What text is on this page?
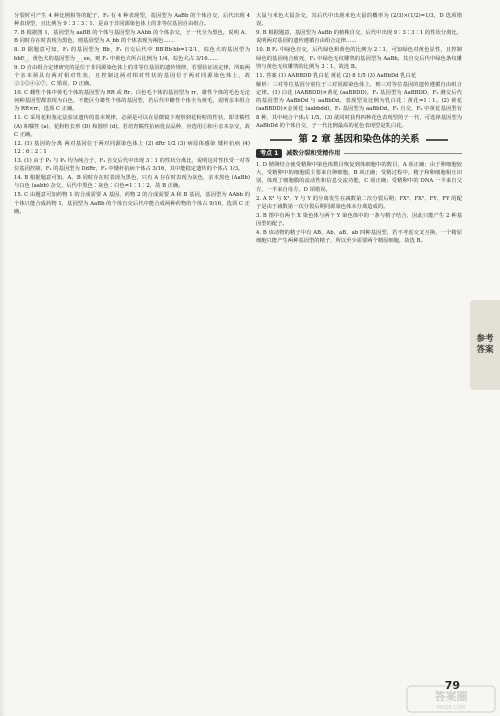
分裂时可产生 4 种比例相等的配子，F₂ 有 4 种表现型，基因型为 AaBb 的个体自交，后代出现 4 种表现型，且比例为 9∶3∶3∶1，是由于非同源染色体上的非等位基因自由组合。

7. B 根据图 1，基因型为 aaBB 的个体与基因型为 AAbb 的个体杂交，子一代全为黑色，说明 A、B 同时存在时表现为黑色，则基因型为 A_bb 的个体表现为褐色……

8. D 据题意可知，F₁ 的基因型为 Bb，F₁ 自交后代中 BB∶Bb∶bb=1∶2∶1，棕色犬的基因型为 bbE_，黄色犬的基因型为 _ _ee，则 F₂ 中黄色犬所占比例为 1/4，棕色犬占 3/16……

9. D 自由组合定律研究的是位于非同源染色体上的非等位基因的遗传规律，若要验证该定律，所取两个亲本须具有两对相对性状，且控制这两对相对性状的基因位于两对同源染色体上，故②③⑤④⑥⑦、C 错误，D 正确。

10. C 雌性个体中黄毛个体的基因型为 RR 或 Rr，白色毛个体的基因型为 rr，雄性个体的毛色无论何种基因型都表现为白色，不能区分雄性个体的基因型，若后代中雌性个体全为黄毛，说明亲本组合为 RR×rr，选项 C 正确。

11. C 采用花粉鉴定法验证遗传的基本规律，必须是可以在显微镜下观察到花粉粒的性状，即非糯性 (A) 和糯性 (a)、花粉粒长形 (D) 和圆形 (d)。若培育糯性抗病优良品种，应选用①和④亲本杂交，故 C 正确。

12. (1) 基因的分离 两对基因位于两对同源染色体上 (2) dRr 1/2 (3) 病原体感染 矮秆抗病 (4) 12∶6∶2∶1

13. (1) 由于 P₁ 与 P₂ 均为纯合子，F₁ 自交后代中出现 3∶1 的性状分离比，说明这对性状受一对等位基因控制，F₁ 的基因型为 DdRr，F₂ 中矮秆抗病个体占 3/16，其中能稳定遗传的个体占 1/3。

14. B 根据题意可知，A、B 同时存在时表现为黑色，只有 A 存在时表现为灰色，亲本黑色 (AaBb) 与白色 (aabb) 杂交，后代中黑色∶灰色∶白色=1∶1∶2，故 B 正确。

15. C 由题意可知药物 1 的合成需要 A 基因，药物 2 的合成需要 A 和 B 基因，基因型为 AAbb 的个体只能合成药物 1，基因型为 AaBb 的个体自交后代中能合成两种药物的个体占 9/16，选项 C 正确。

大鼠与米色大鼠杂交，其后代中出现米色大鼠的概率为 (2/3)×(1/2)=1/3，D 选项错误。

9. B 根据题意，基因型为 AaBb 的植株自交，后代中出现 9∶3∶3∶1 的性状分离比，说明两对基因的遗传遵循自由组合定律……

10. B F₁ 中绿色自交，后代绿色和黄色的比例为 2∶1，可知绿色对黄色显性，且控制绿色的基因纯合致死，F₁ 中绿色无纹雕鸮的基因型为 AaBb，其自交后代中绿色条纹雕鸮与黄色无纹雕鸮的比例为 3∶1，故选 B。

11. 答案 (1) AABBDD 乳白花 黄花 (2) 8 1/5 (3) AaBbDd 乳白花

解析：三对等位基因分别位于三对同源染色体上，则三对等位基因的遗传遵循自由组合定律。(1) 白花 (AABBDD)×黄花 (aaBBDD)，F₁ 基因型为 AaBBDD，F₁ 测交后代的基因型为 AaBbDd 与 aaBbDd，表现型及比例为乳白花∶黄花=1∶1。(2) 黄花 (aaBBDD)×金黄花 (aabbdd)，F₁ 基因型为 aaBbDd，F₁ 自交，F₂ 中黄花基因型有 8 种，其中纯合个体占 1/5。(3) 欲同时获得四种花色表现型的子一代，可选择基因型为 AaBbDd 的个体自交，子一代比例最高的花色表现型是乳白花。

第 2 章 基因和染色体的关系
考点 1	减数分裂和受精作用

1. D 精卵结合使受精卵中染色体数目恢复到体细胞中的数目，A 项正确；由于卵细胞较大，受精卵中的细胞质主要来自卵细胞，B 项正确；受精过程中，精子和卵细胞相互识别，体现了细胞膜的流动性和信息交流功能，C 项正确；受精卵中的 DNA 一半来自父方，一半来自母方，D 项错误。

2. A X³ 与 X³、Y 与 Y 的分离发生在减数第二次分裂后期；FX³、FX³、FY、FY 的配子是由于减数第一次分裂后期同源染色体未分离造成的。

3. B 图中有两个 X 染色体与两个 Y 染色体中的一条与精子结合，因此只能产生 2 种基因型的配子。

4. B 该动物的精子中有 AB、Ab、aB、ab 四种基因型，若不考虑交叉互换，一个精原细胞只能产生两种基因型的精子，所以至少需要两个精原细胞，故选 B。

参考
答案
79
答案圈
MXQE.COM
